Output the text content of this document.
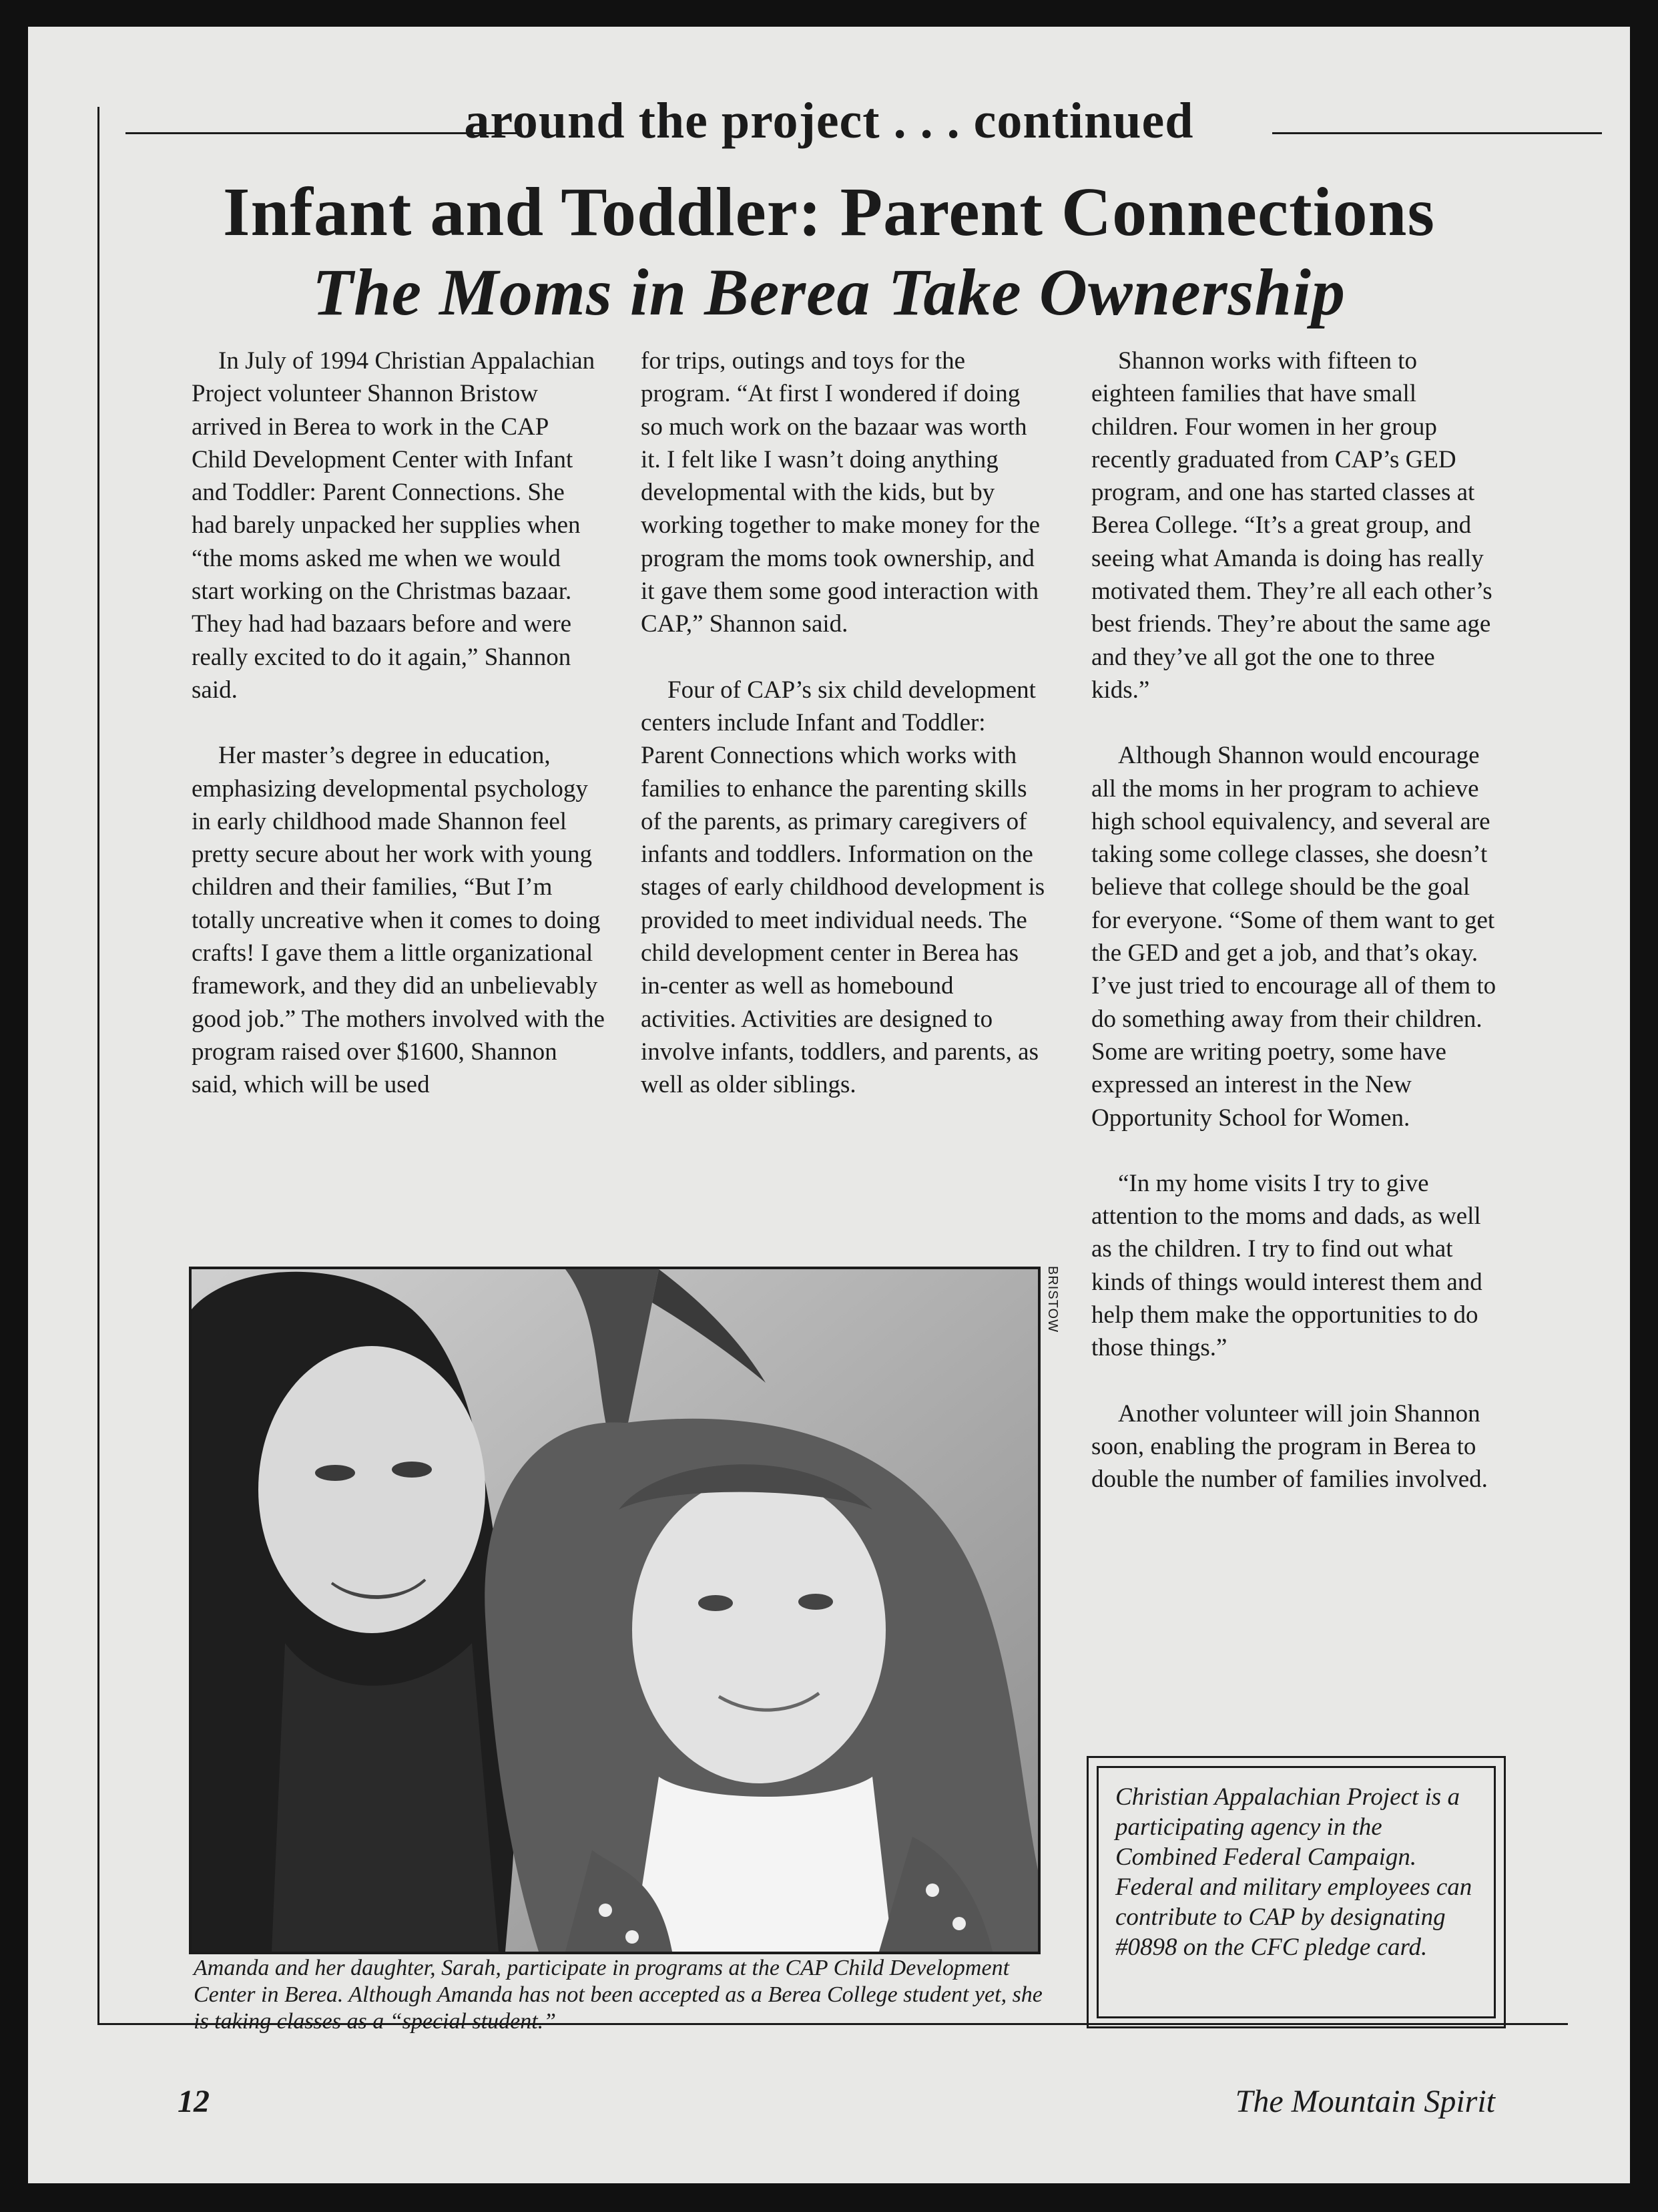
around the project . . . continued
Infant and Toddler: Parent Connections
The Moms in Berea Take Ownership

In July of 1994 Christian Appalachian Project volunteer Shannon Bristow arrived in Berea to work in the CAP Child Development Center with Infant and Toddler: Parent Connections. She had barely unpacked her supplies when “the moms asked me when we would start working on the Christmas bazaar. They had had bazaars before and were really excited to do it again,” Shannon said.

Her master’s degree in education, emphasizing developmental psychology in early childhood made Shannon feel pretty secure about her work with young children and their families, “But I’m totally uncreative when it comes to doing crafts! I gave them a little organizational framework, and they did an unbelievably good job.” The mothers involved with the program raised over $1600, Shannon said, which will be used

for trips, outings and toys for the program. “At first I wondered if doing so much work on the bazaar was worth it. I felt like I wasn’t doing anything developmental with the kids, but by working together to make money for the program the moms took ownership, and it gave them some good interaction with CAP,” Shannon said.

Four of CAP’s six child development centers include Infant and Toddler: Parent Connections which works with families to enhance the parenting skills of the parents, as primary caregivers of infants and toddlers. Information on the stages of early childhood development is provided to meet individual needs. The child development center in Berea has in-center as well as homebound activities. Activities are designed to involve infants, toddlers, and parents, as well as older siblings.

Shannon works with fifteen to eighteen families that have small children. Four women in her group recently graduated from CAP’s GED program, and one has started classes at Berea College. “It’s a great group, and seeing what Amanda is doing has really motivated them. They’re all each other’s best friends. They’re about the same age and they’ve all got the one to three kids.”

Although Shannon would encourage all the moms in her program to achieve high school equivalency, and several are taking some college classes, she doesn’t believe that college should be the goal for everyone. “Some of them want to get the GED and get a job, and that’s okay. I’ve just tried to encourage all of them to do something away from their children. Some are writing poetry, some have expressed an interest in the New Opportunity School for Women.

“In my home visits I try to give attention to the moms and dads, as well as the children. I try to find out what kinds of things would interest them and help them make the opportunities to do those things.”

Another volunteer will join Shannon soon, enabling the program in Berea to double the number of families involved.

BRISTOW
Amanda and her daughter, Sarah, participate in programs at the CAP Child Development Center in Berea. Although Amanda has not been accepted as a Berea College student yet, she is taking classes as a “special student.”
Christian Appalachian Project is a participating agency in the Combined Federal Campaign. Federal and military employees can contribute to CAP by designating #0898 on the CFC pledge card.
12	The Mountain Spirit
